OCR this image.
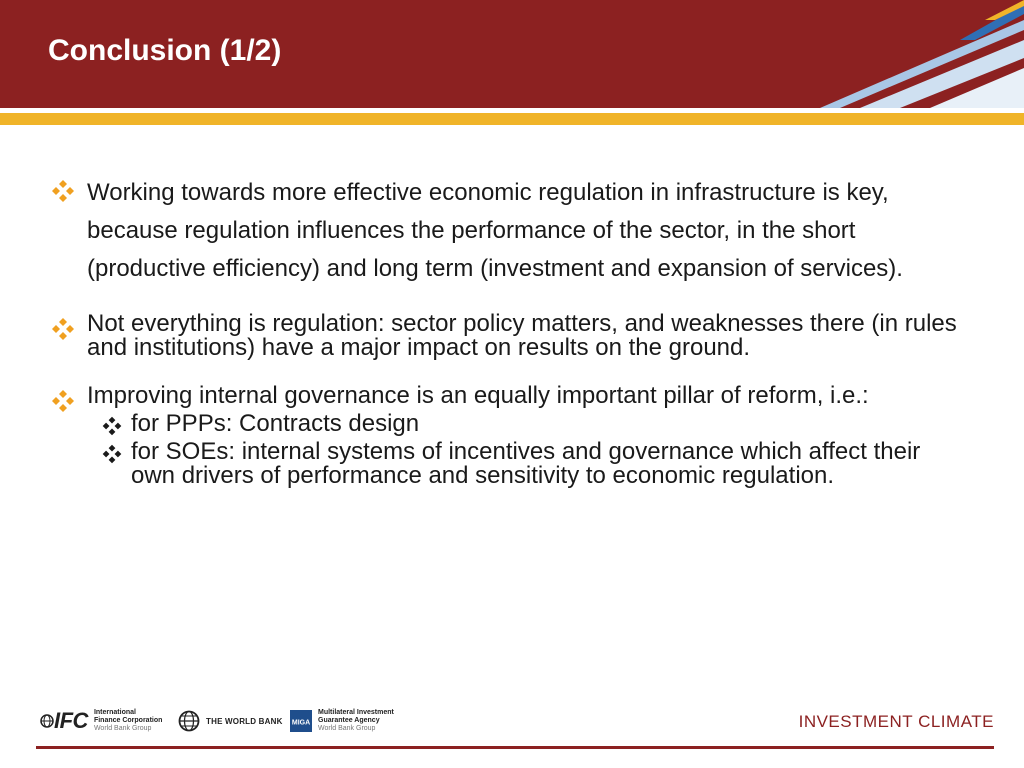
Conclusion (1/2)
Working towards more effective economic regulation in infrastructure is key, because regulation influences the performance of the sector, in the short (productive efficiency) and long term (investment and expansion of services).
Not everything is regulation: sector policy matters, and weaknesses there (in rules and institutions) have a major impact on results on the ground.
Improving internal governance is an equally important pillar of reform, i.e.:
for PPPs: Contracts design
for SOEs: internal systems of incentives and governance which affect their own drivers of performance and sensitivity to economic regulation.
IFC International
Finance Corporation
World Bank Group
THE WORLD BANK MIGA
Multilateral Investment
Guarantee Agency
World Bank Group	INVESTMENT CLIMATE
